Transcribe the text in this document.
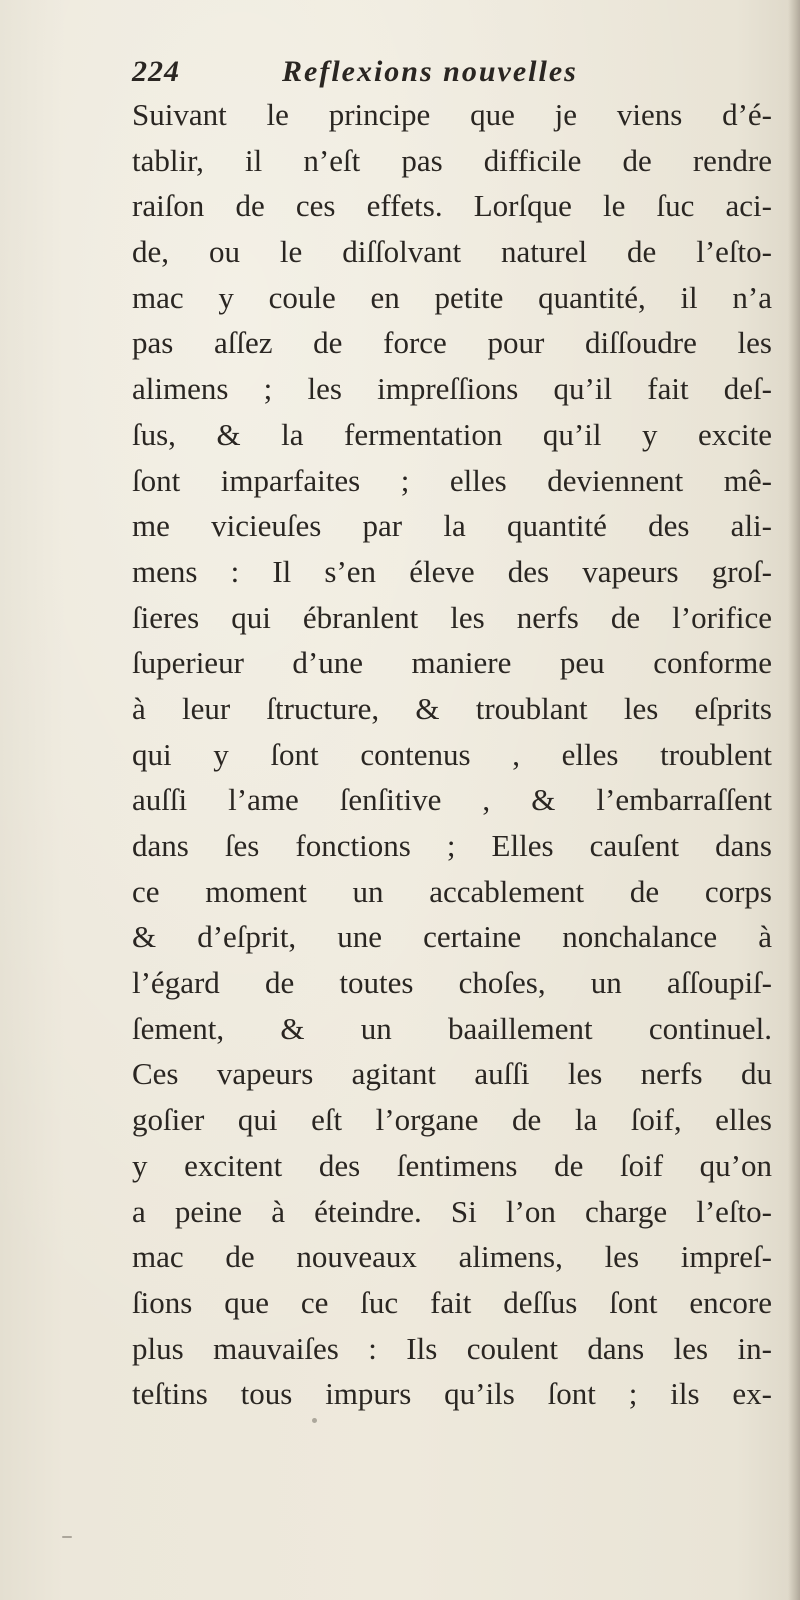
224	Reflexions nouvelles
Suivant le principe que je viens d’é-
tablir, il n’eſt pas difficile de rendre
raiſon de ces effets. Lorſque le ſuc aci-
de, ou le diſſolvant naturel de l’eſto-
mac y coule en petite quantité, il n’a
pas aſſez de force pour diſſoudre les
alimens ; les impreſſions qu’il fait deſ-
ſus, & la fermentation qu’il y excite
ſont imparfaites ; elles deviennent mê-
me vicieuſes par la quantité des ali-
mens : Il s’en éleve des vapeurs groſ-
ſieres qui ébranlent les nerfs de l’orifice
ſuperieur d’une maniere peu conforme
à leur ſtructure, & troublant les eſprits
qui y ſont contenus , elles troublent
auſſi l’ame ſenſitive , & l’embarraſſent
dans ſes fonctions ; Elles cauſent dans
ce moment un accablement de corps
& d’eſprit, une certaine nonchalance à
l’égard de toutes choſes, un aſſoupiſ-
ſement, & un baaillement continuel.
Ces vapeurs agitant auſſi les nerfs du
goſier qui eſt l’organe de la ſoif, elles
y excitent des ſentimens de ſoif qu’on
a peine à éteindre. Si l’on charge l’eſto-
mac de nouveaux alimens, les impreſ-
ſions que ce ſuc fait deſſus ſont encore
plus mauvaiſes : Ils coulent dans les in-
teſtins tous impurs qu’ils ſont ; ils ex-
